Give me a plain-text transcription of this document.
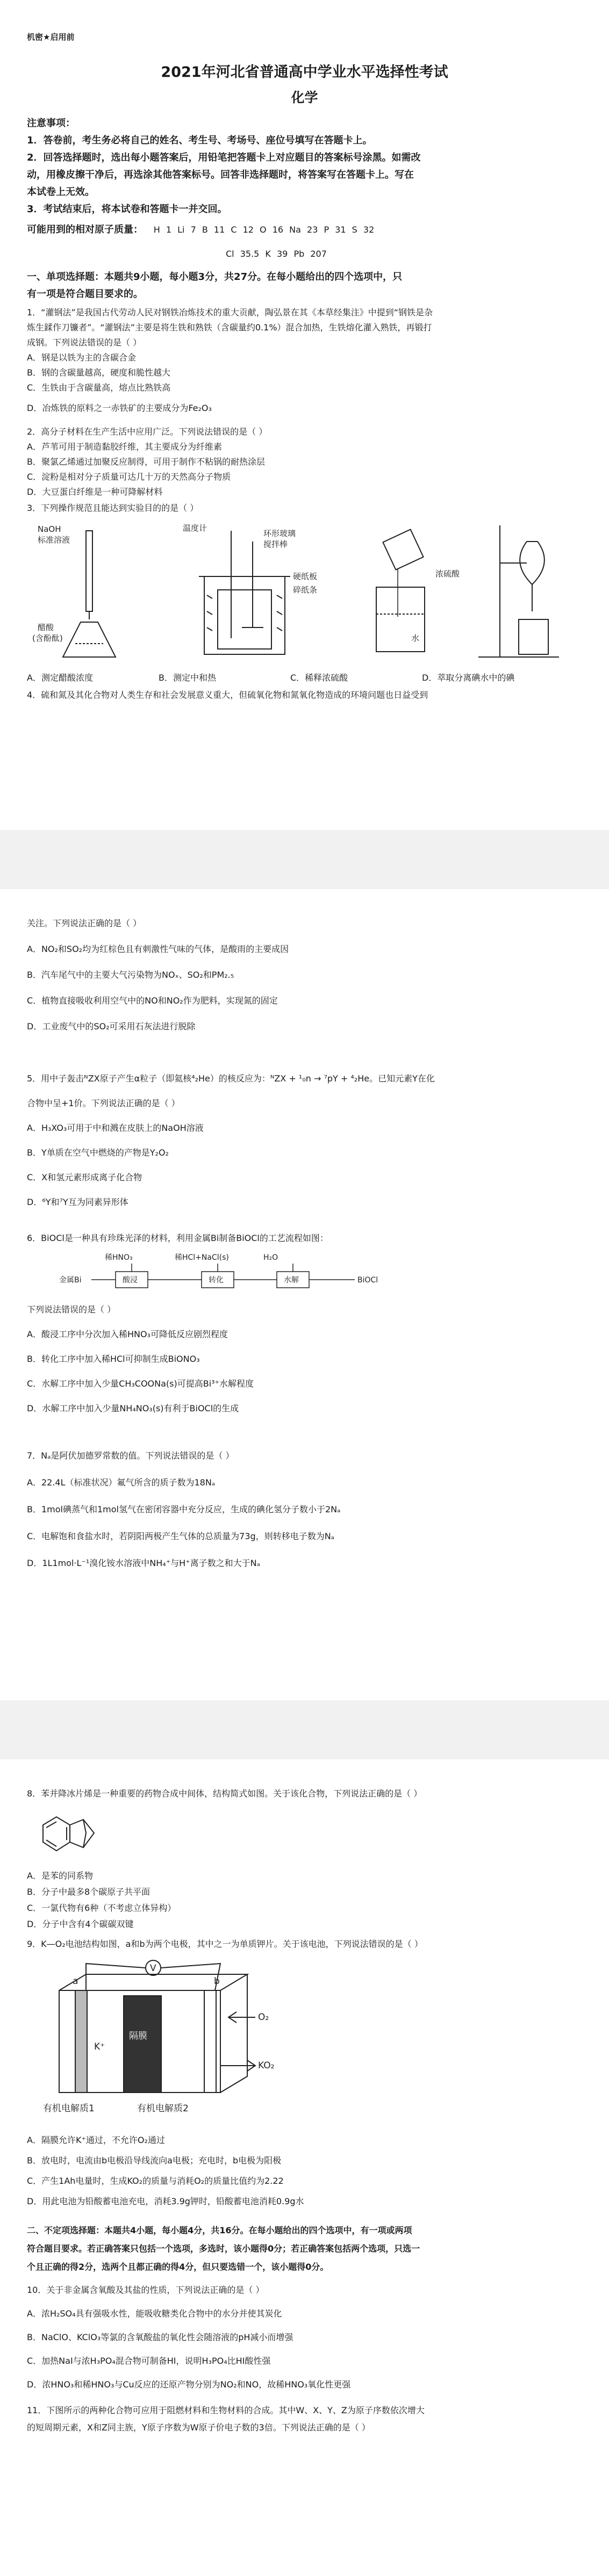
机密★启用前
2021年河北省普通高中学业水平选择性考试
化学
注意事项：
1．答卷前，考生务必将自己的姓名、考生号、考场号、座位号填写在答题卡上。
2．回答选择题时，选出每小题答案后，用铅笔把答题卡上对应题目的答案标号涂黑。如需改
动，用橡皮擦干净后，再选涂其他答案标号。回答非选择题时，将答案写在答题卡上。写在
本试卷上无效。
3．考试结束后，将本试卷和答题卡一并交回。
可能用到的相对原子质量： H 1 Li 7 B 11 C 12 O 16 Na 23 P 31 S 32
Cl 35.5 K 39 Pb 207
一、单项选择题：本题共9小题，每小题3分，共27分。在每小题给出的四个选项中，只
有一项是符合题目要求的。
1．“灌钢法”是我国古代劳动人民对钢铁冶炼技术的重大贡献，陶弘景在其《本草经集注》中提到“钢铁是杂
炼生鍒作刀镰者”。“灌钢法”主要是将生铁和熟铁（含碳量约0.1%）混合加热，生铁熔化灌入熟铁，再锻打
成钢。下列说法错误的是（ ）
A．钢是以铁为主的含碳合金
B．钢的含碳量越高，硬度和脆性越大
C．生铁由于含碳量高，熔点比熟铁高
D．冶炼铁的原料之一赤铁矿的主要成分为Fe₂O₃
2．高分子材料在生产生活中应用广泛。下列说法错误的是（ ）
A．芦苇可用于制造黏胶纤维，其主要成分为纤维素
B．聚氯乙烯通过加聚反应制得，可用于制作不粘锅的耐热涂层
C．淀粉是相对分子质量可达几十万的天然高分子物质
D．大豆蛋白纤维是一种可降解材料
3．下列操作规范且能达到实验目的的是（ ）
NaOH
标准溶液
醋酸
(含酚酞)
温度计
环形玻璃
搅拌棒
硬纸板
碎纸条
浓硫酸
水
A．测定醋酸浓度	B．测定中和热	C．稀释浓硫酸	D．萃取分离碘水中的碘
4．硫和氮及其化合物对人类生存和社会发展意义重大，但硫氧化物和氮氧化物造成的环境问题也日益受到
关注。下列说法正确的是（ ）
A．NO₂和SO₂均为红棕色且有刺激性气味的气体，是酸雨的主要成因
B．汽车尾气中的主要大气污染物为NOₓ、SO₂和PM₂.₅
C．植物直接吸收利用空气中的NO和NO₂作为肥料，实现氮的固定
D．工业废气中的SO₂可采用石灰法进行脱除
5．用中子轰击ᴺZX原子产生α粒子（即氦核⁴₂He）的核反应为：ᴺZX + ¹₀n → ⁷pY + ⁴₂He。已知元素Y在化
合物中呈+1价。下列说法正确的是（ ）
A．H₃XO₃可用于中和溅在皮肤上的NaOH溶液
B．Y单质在空气中燃烧的产物是Y₂O₂
C．X和氢元素形成离子化合物
D．⁶Y和⁷Y互为同素异形体
6．BiOCl是一种具有珍珠光泽的材料，利用金属Bi制备BiOCl的工艺流程如图：
稀HNO₃	稀HCl+NaCl(s)	H₂O
金属Bi	酸浸	转化	水解	BiOCl
下列说法错误的是（ ）
A．酸浸工序中分次加入稀HNO₃可降低反应剧烈程度
B．转化工序中加入稀HCl可抑制生成BiONO₃
C．水解工序中加入少量CH₃COONa(s)可提高Bi³⁺水解程度
D．水解工序中加入少量NH₄NO₃(s)有利于BiOCl的生成
7．Nₐ是阿伏加德罗常数的值。下列说法错误的是（ ）
A．22.4L（标准状况）氟气所含的质子数为18Nₐ
B．1mol碘蒸气和1mol氢气在密闭容器中充分反应，生成的碘化氢分子数小于2Nₐ
C．电解饱和食盐水时，若阴阳两极产生气体的总质量为73g，则转移电子数为Nₐ
D．1L1mol·L⁻¹溴化铵水溶液中NH₄⁺与H⁺离子数之和大于Nₐ
8．苯并降冰片烯是一种重要的药物合成中间体，结构简式如图。关于该化合物，下列说法正确的是（ ）
A．是苯的同系物
B．分子中最多8个碳原子共平面
C．一氯代物有6种（不考虑立体异构）
D．分子中含有4个碳碳双键
9．K—O₂电池结构如图，a和b为两个电极，其中之一为单质钾片。关于该电池，下列说法错误的是（ ）
a	b
V
K⁺
隔膜
O₂
KO₂
有机电解质1	有机电解质2
A．隔膜允许K⁺通过，不允许O₂通过
B．放电时，电流由b电极沿导线流向a电极；充电时，b电极为阳极
C．产生1Ah电量时，生成KO₂的质量与消耗O₂的质量比值约为2.22
D．用此电池为铅酸蓄电池充电，消耗3.9g钾时，铅酸蓄电池消耗0.9g水
二、不定项选择题：本题共4小题，每小题4分，共16分。在每小题给出的四个选项中，有一项或两项
符合题目要求。若正确答案只包括一个选项，多选时，该小题得0分；若正确答案包括两个选项，只选一
个且正确的得2分，选两个且都正确的得4分，但只要选错一个，该小题得0分。
10．关于非金属含氧酸及其盐的性质，下列说法正确的是（ ）
A．浓H₂SO₄具有强吸水性，能吸收糖类化合物中的水分并使其炭化
B．NaClO、KClO₃等氯的含氧酸盐的氧化性会随溶液的pH减小而增强
C．加热NaI与浓H₃PO₄混合物可制备HI，说明H₃PO₄比HI酸性强
D．浓HNO₃和稀HNO₃与Cu反应的还原产物分别为NO₂和NO，故稀HNO₃氧化性更强
11．下图所示的两种化合物可应用于阻燃材料和生物材料的合成。其中W、X、Y、Z为原子序数依次增大
的短周期元素，X和Z同主族，Y原子序数为W原子价电子数的3倍。下列说法正确的是（ ）
